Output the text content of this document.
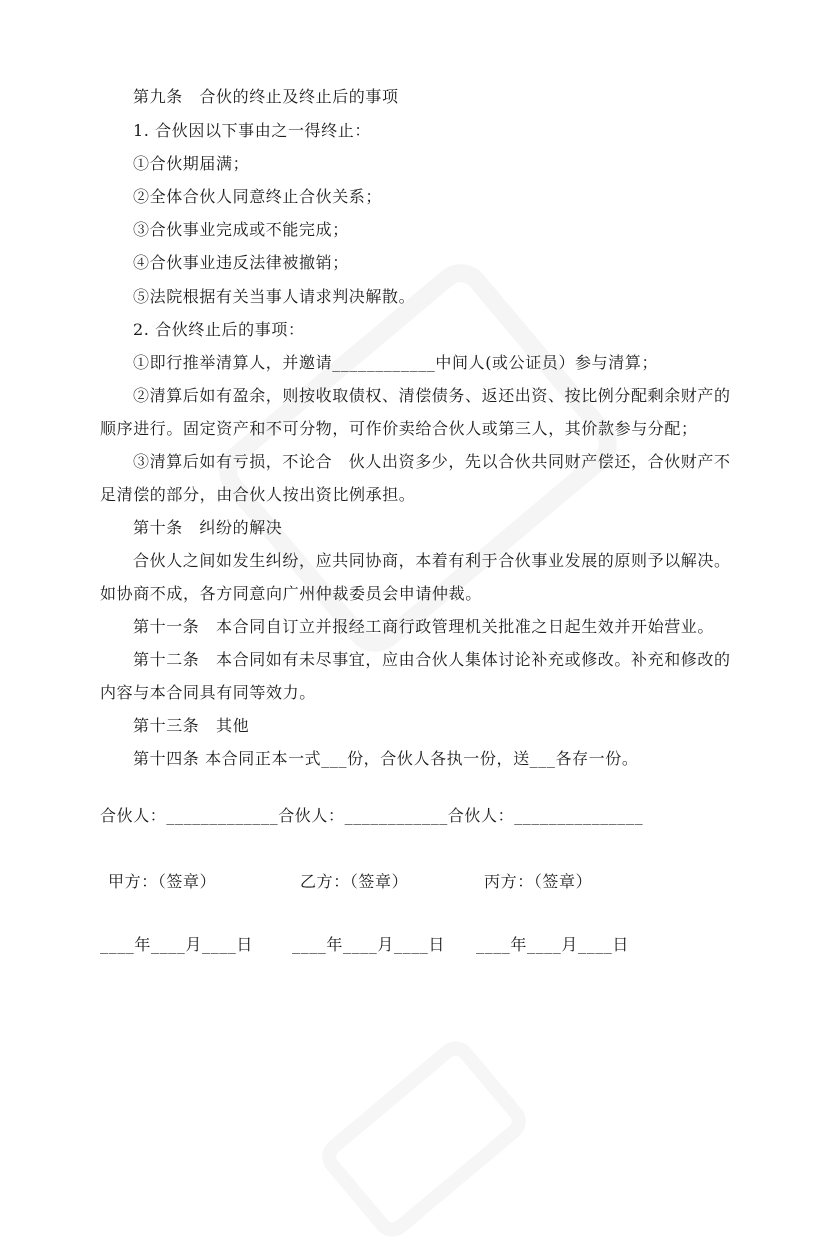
第九条　合伙的终止及终止后的事项
1. 合伙因以下事由之一得终止：
①合伙期届满；
②全体合伙人同意终止合伙关系；
③合伙事业完成或不能完成；
④合伙事业违反法律被撤销；
⑤法院根据有关当事人请求判决解散。
2. 合伙终止后的事项：
①即行推举清算人，并邀请____________中间人(或公证员）参与清算；
②清算后如有盈余，则按收取债权、清偿债务、返还出资、按比例分配剩余财产的
顺序进行。固定资产和不可分物，可作价卖给合伙人或第三人，其价款参与分配；
③清算后如有亏损，不论合　伙人出资多少，先以合伙共同财产偿还，合伙财产不
足清偿的部分，由合伙人按出资比例承担。
第十条　纠纷的解决
合伙人之间如发生纠纷，应共同协商，本着有利于合伙事业发展的原则予以解决。
如协商不成，各方同意向广州仲裁委员会申请仲裁。
第十一条　本合同自订立并报经工商行政管理机关批准之日起生效并开始营业。
第十二条　本合同如有未尽事宜，应由合伙人集体讨论补充或修改。补充和修改的
内容与本合同具有同等效力。
第十三条　其他
第十四条 本合同正本一式___份，合伙人各执一份，送___各存一份。
合伙人：_____________合伙人：____________合伙人：_______________
甲方：（签章）	乙方：（签章）	丙方：（签章）
____年____月____日 ____年____月____日 ____年____月____日
